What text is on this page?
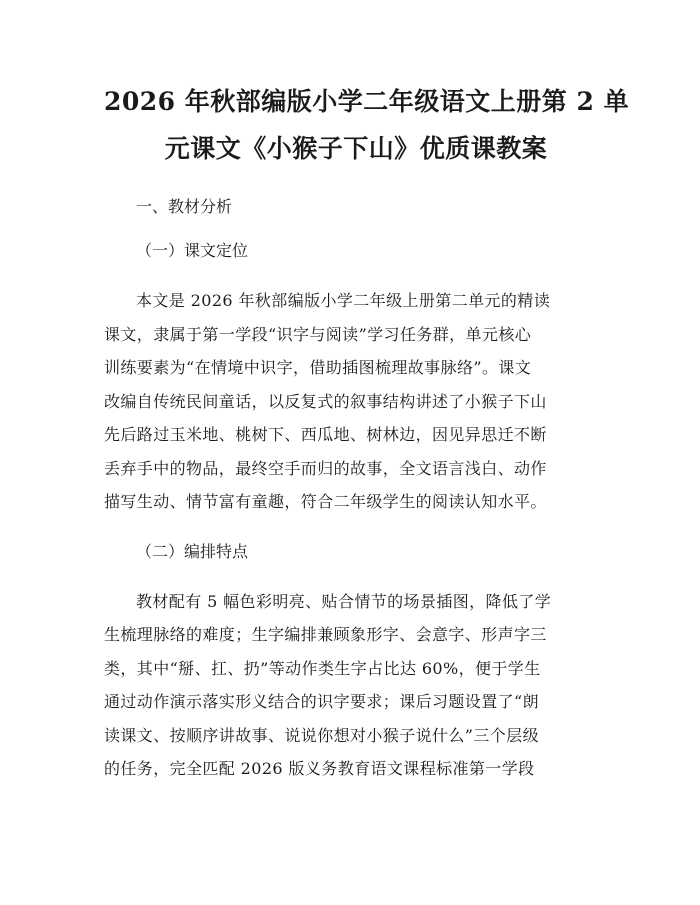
2026 年秋部编版小学二年级语文上册第 2 单
元课文《小猴子下山》优质课教案
一、教材分析
（一）课文定位

本文是 2026 年秋部编版小学二年级上册第二单元的精读
课文，隶属于第一学段“识字与阅读”学习任务群，单元核心
训练要素为“在情境中识字，借助插图梳理故事脉络”。课文
改编自传统民间童话，以反复式的叙事结构讲述了小猴子下山
先后路过玉米地、桃树下、西瓜地、树林边，因见异思迁不断
丢弃手中的物品，最终空手而归的故事，全文语言浅白、动作
描写生动、情节富有童趣，符合二年级学生的阅读认知水平。

（二）编排特点

教材配有 5 幅色彩明亮、贴合情节的场景插图，降低了学
生梳理脉络的难度；生字编排兼顾象形字、会意字、形声字三
类，其中“掰、扛、扔”等动作类生字占比达 60%，便于学生
通过动作演示落实形义结合的识字要求；课后习题设置了“朗
读课文、按顺序讲故事、说说你想对小猴子说什么”三个层级
的任务，完全匹配 2026 版义务教育语文课程标准第一学段
